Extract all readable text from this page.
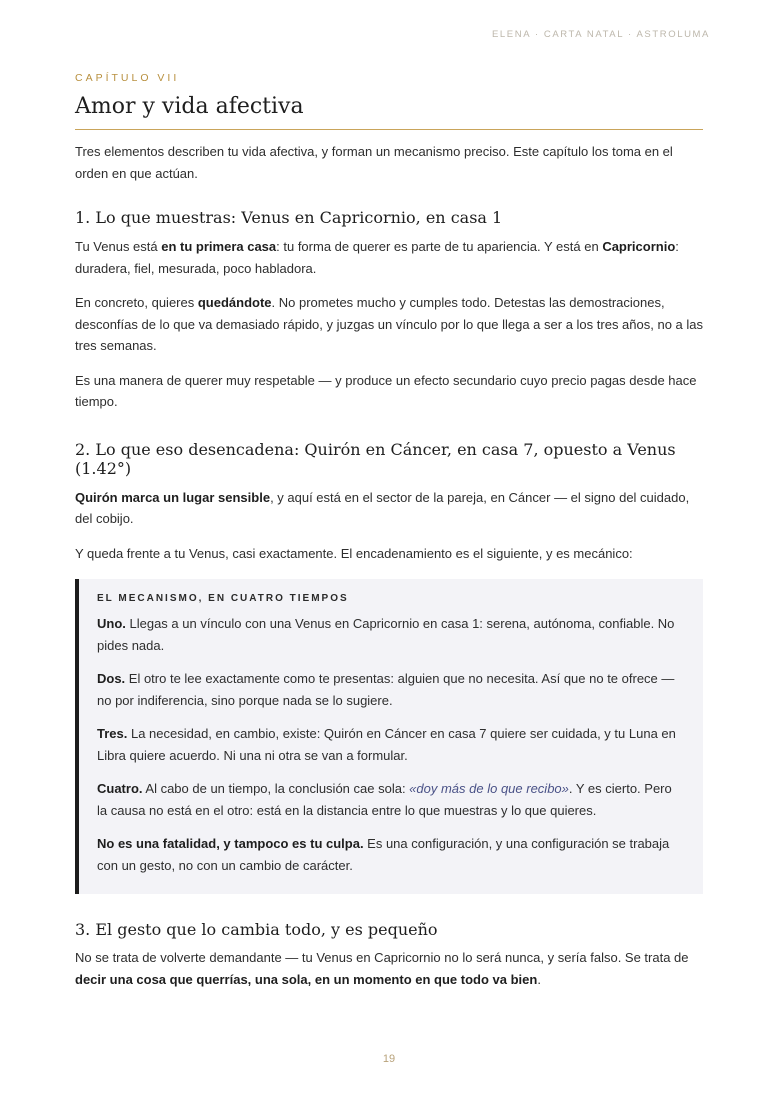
ELENA · CARTA NATAL · ASTROLUMA
CAPÍTULO VII
Amor y vida afectiva

Tres elementos describen tu vida afectiva, y forman un mecanismo preciso. Este capítulo los toma en el orden en que actúan.

1. Lo que muestras: Venus en Capricornio, en casa 1

Tu Venus está en tu primera casa: tu forma de querer es parte de tu apariencia. Y está en Capricornio: duradera, fiel, mesurada, poco habladora.

En concreto, quieres quedándote. No prometes mucho y cumples todo. Detestas las demostraciones, desconfías de lo que va demasiado rápido, y juzgas un vínculo por lo que llega a ser a los tres años, no a las tres semanas.

Es una manera de querer muy respetable — y produce un efecto secundario cuyo precio pagas desde hace tiempo.

2. Lo que eso desencadena: Quirón en Cáncer, en casa 7, opuesto a Venus (1.42°)

Quirón marca un lugar sensible, y aquí está en el sector de la pareja, en Cáncer — el signo del cuidado, del cobijo.

Y queda frente a tu Venus, casi exactamente. El encadenamiento es el siguiente, y es mecánico:

EL MECANISMO, EN CUATRO TIEMPOS

Uno. Llegas a un vínculo con una Venus en Capricornio en casa 1: serena, autónoma, confiable. No pides nada.

Dos. El otro te lee exactamente como te presentas: alguien que no necesita. Así que no te ofrece — no por indiferencia, sino porque nada se lo sugiere.

Tres. La necesidad, en cambio, existe: Quirón en Cáncer en casa 7 quiere ser cuidada, y tu Luna en Libra quiere acuerdo. Ni una ni otra se van a formular.

Cuatro. Al cabo de un tiempo, la conclusión cae sola: «doy más de lo que recibo». Y es cierto. Pero la causa no está en el otro: está en la distancia entre lo que muestras y lo que quieres.

No es una fatalidad, y tampoco es tu culpa. Es una configuración, y una configuración se trabaja con un gesto, no con un cambio de carácter.

3. El gesto que lo cambia todo, y es pequeño

No se trata de volverte demandante — tu Venus en Capricornio no lo será nunca, y sería falso. Se trata de decir una cosa que querrías, una sola, en un momento en que todo va bien.

19
